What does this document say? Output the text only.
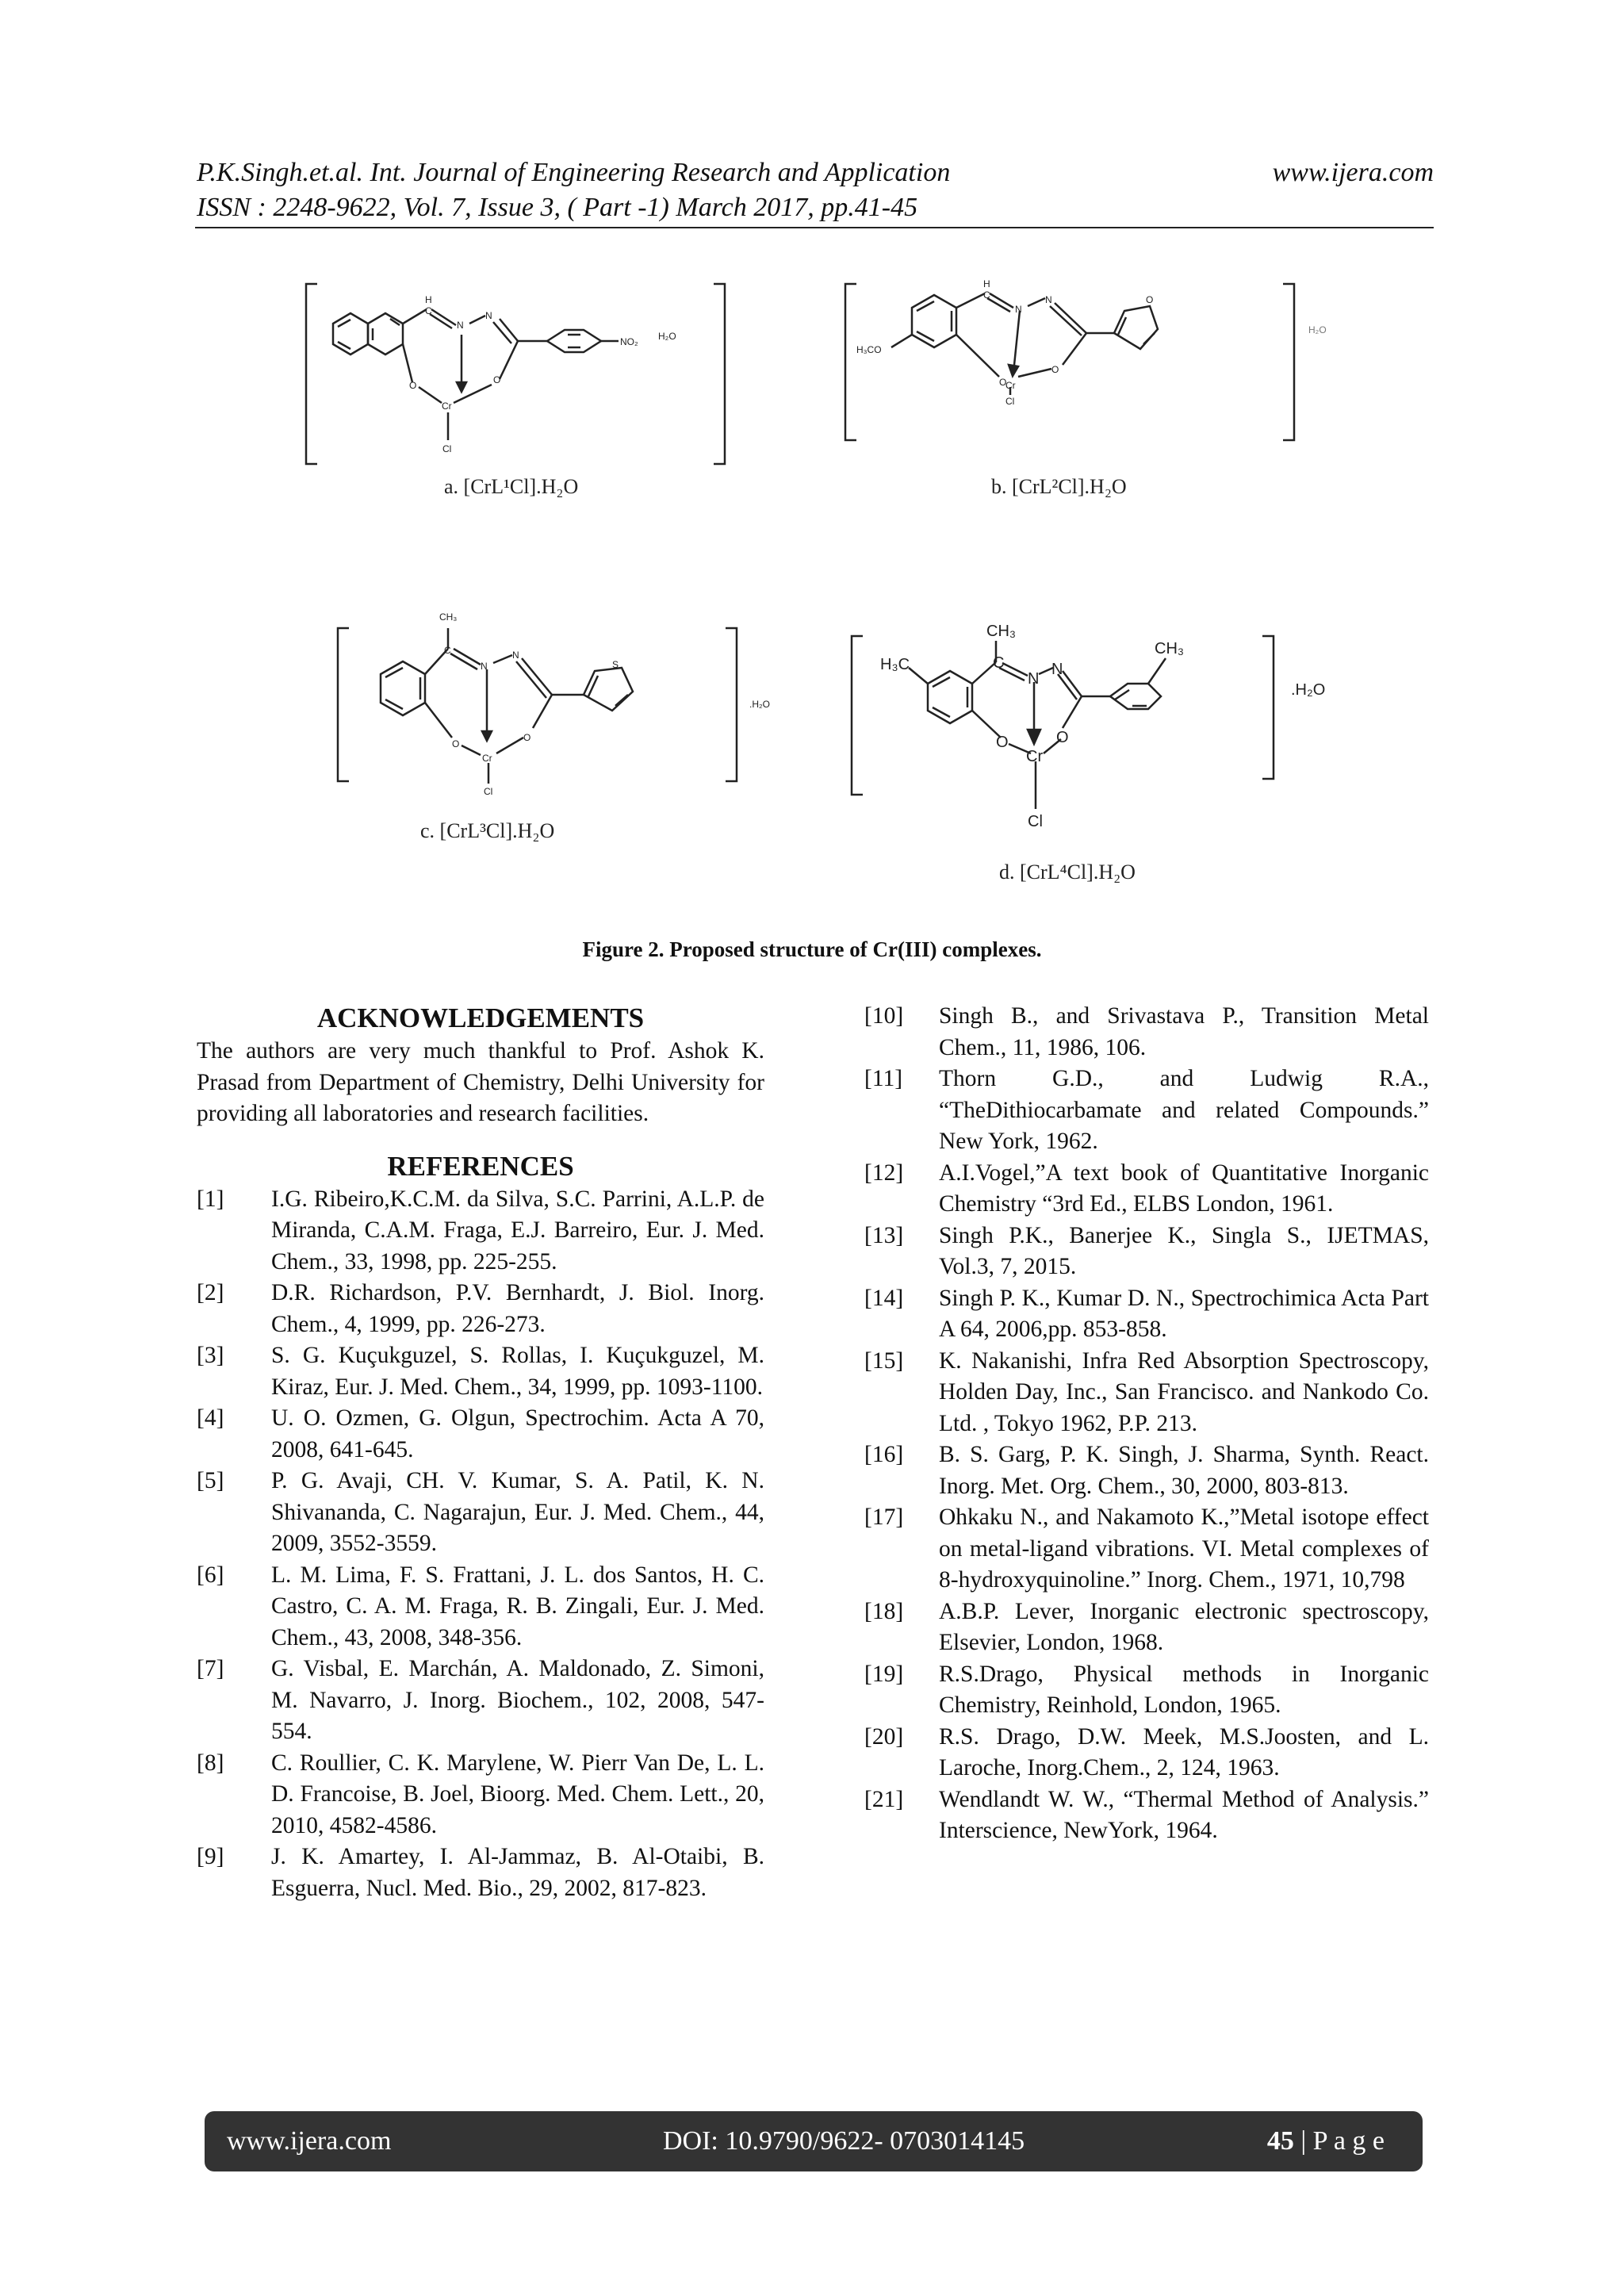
P.K.Singh.et.al. Int. Journal of Engineering Research and Application	www.ijera.com
ISSN : 2248-9622, Vol. 7, Issue 3, ( Part -1) March 2017, pp.41-45
H
C
N
N
O	O
Cr
Cl
NO₂ H₂O
a. [CrL¹Cl].H₂O
H
C
N
N
O
O
Cr
Cl
O
H₃CO
H₂O
b. [CrL²Cl].H₂O
CH₃
C
N
N
O
O
Cr
Cl
S
.H₂O
c. [CrL³Cl].H₂O
CH₃
CH₃
H₃C	C
N
N
O	O
Cr
Cl
.H₂O
d. [CrL⁴Cl].H₂O
Figure 2. Proposed structure of Cr(III) complexes.

ACKNOWLEDGEMENTS

The authors are very much thankful to Prof. Ashok K. Prasad from Department of Chemistry, Delhi University for providing all laboratories and research facilities.

REFERENCES

[1]	I.G. Ribeiro,K.C.M. da Silva, S.C. Parrini, A.L.P. de Miranda, C.A.M. Fraga, E.J. Barreiro, Eur. J. Med. Chem., 33, 1998, pp. 225-255.
[2]	D.R. Richardson, P.V. Bernhardt, J. Biol. Inorg. Chem., 4, 1999, pp. 226-273.
[3]	S. G. Kuçukguzel, S. Rollas, I. Kuçukguzel, M. Kiraz, Eur. J. Med. Chem., 34, 1999, pp. 1093-1100.
[4]	U. O. Ozmen, G. Olgun, Spectrochim. Acta A 70, 2008, 641-645.
[5]	P. G. Avaji, CH. V. Kumar, S. A. Patil, K. N. Shivananda, C. Nagarajun, Eur. J. Med. Chem., 44, 2009, 3552-3559.
[6]	L. M. Lima, F. S. Frattani, J. L. dos Santos, H. C. Castro, C. A. M. Fraga, R. B. Zingali, Eur. J. Med. Chem., 43, 2008, 348-356.
[7]	G. Visbal, E. Marchán, A. Maldonado, Z. Simoni, M. Navarro, J. Inorg. Biochem., 102, 2008, 547-554.
[8]	C. Roullier, C. K. Marylene, W. Pierr Van De, L. L. D. Francoise, B. Joel, Bioorg. Med. Chem. Lett., 20, 2010, 4582-4586.
[9]	J. K. Amartey, I. Al-Jammaz, B. Al-Otaibi, B. Esguerra, Nucl. Med. Bio., 29, 2002, 817-823.
[10]	Singh B., and Srivastava P., Transition Metal Chem., 11, 1986, 106.
[11]	Thorn G.D., and Ludwig R.A., “TheDithiocarbamate and related Compounds.” New York, 1962.
[12]	A.I.Vogel,”A text book of Quantitative Inorganic Chemistry “3rd Ed., ELBS London, 1961.
[13]	Singh P.K., Banerjee K., Singla S., IJETMAS, Vol.3, 7, 2015.
[14]	Singh P. K., Kumar D. N., Spectrochimica Acta Part A 64, 2006,pp. 853-858.
[15]	K. Nakanishi, Infra Red Absorption Spectroscopy, Holden Day, Inc., San Francisco. and Nankodo Co. Ltd. , Tokyo 1962, P.P. 213.
[16]	B. S. Garg, P. K. Singh, J. Sharma, Synth. React. Inorg. Met. Org. Chem., 30, 2000, 803-813.
[17]	Ohkaku N., and Nakamoto K.,”Metal isotope effect on metal-ligand vibrations. VI. Metal complexes of 8-hydroxyquinoline.” Inorg. Chem., 1971, 10,798
[18]	A.B.P. Lever, Inorganic electronic spectroscopy, Elsevier, London, 1968.
[19]	R.S.Drago, Physical methods in Inorganic Chemistry, Reinhold, London, 1965.
[20]	R.S. Drago, D.W. Meek, M.S.Joosten, and L. Laroche, Inorg.Chem., 2, 124, 1963.
[21]	Wendlandt W. W., “Thermal Method of Analysis.” Interscience, NewYork, 1964.
www.ijera.com	DOI: 10.9790/9622- 0703014145	45 | P a g e
